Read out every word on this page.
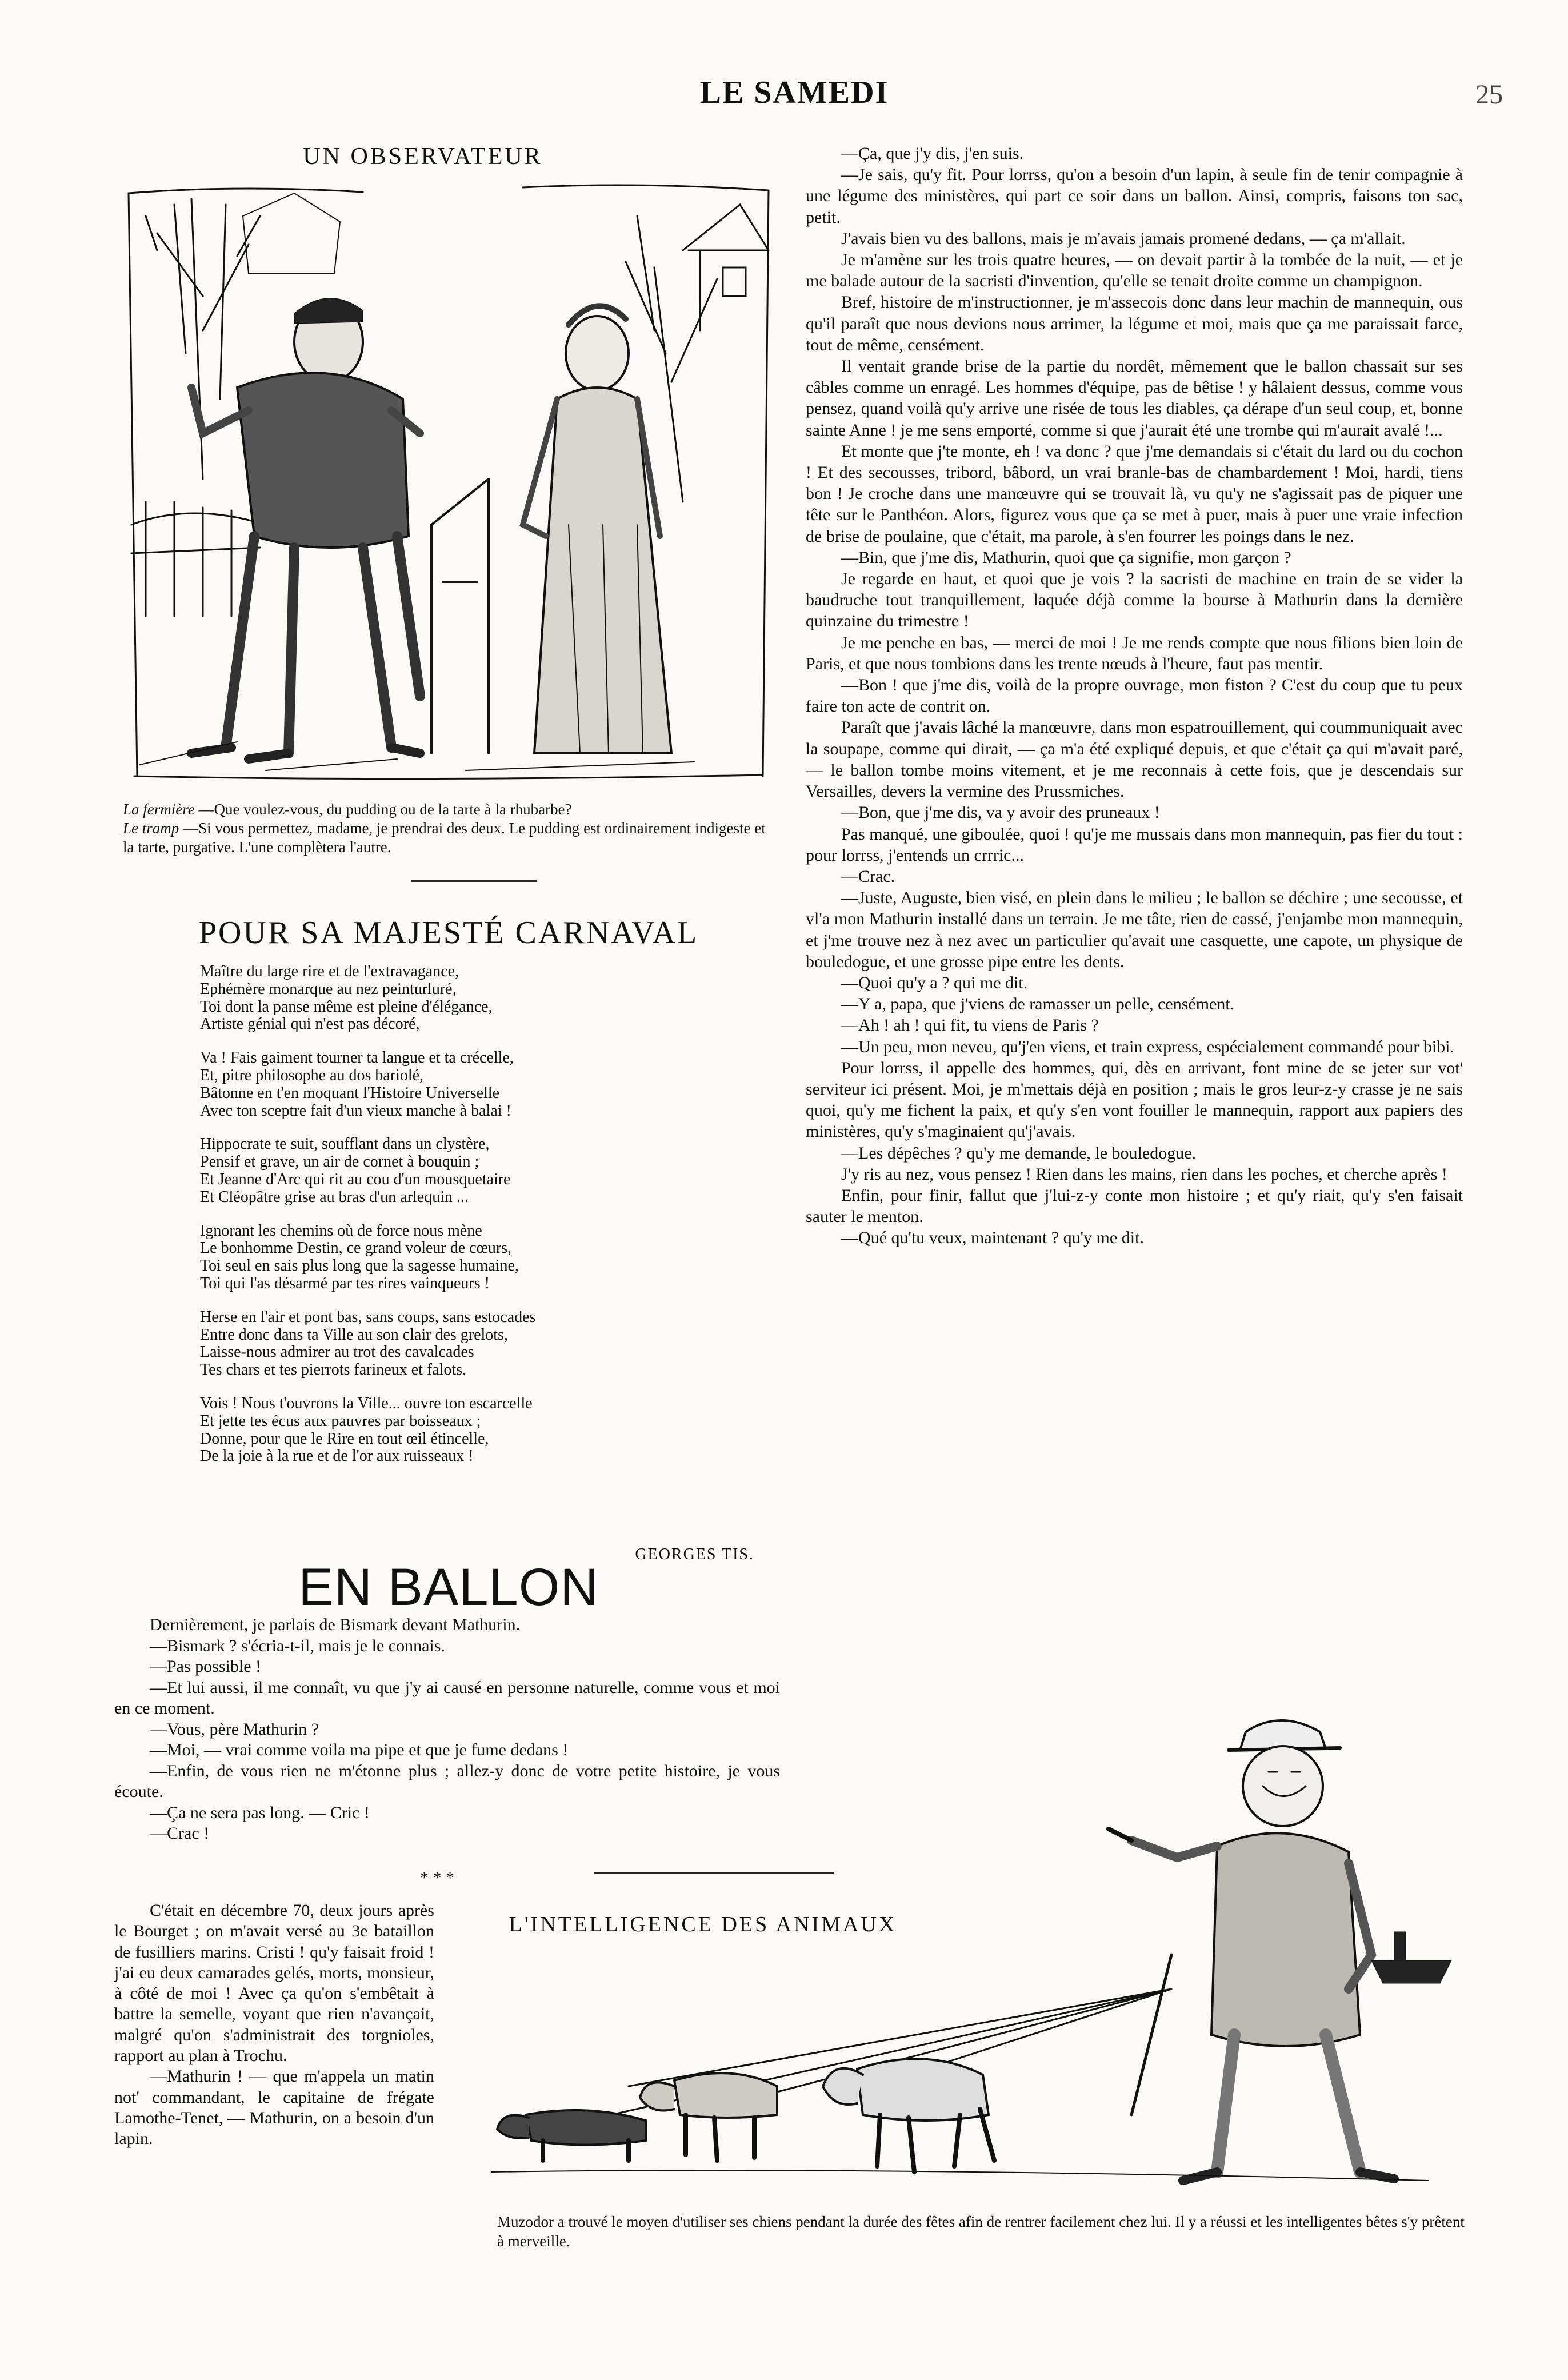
LE SAMEDI	25
UN OBSERVATEUR

La fermière —Que voulez-vous, du pudding ou de la tarte à la rhubarbe?

Le tramp —Si vous permettez, madame, je prendrai des deux. Le pudding est ordinairement indigeste et la tarte, purgative. L'une complètera l'autre.

POUR SA MAJESTÉ CARNAVAL
Maître du large rire et de l'extravagance,
Ephémère monarque au nez peinturluré,
Toi dont la panse même est pleine d'élégance,
Artiste génial qui n'est pas décoré,
Va ! Fais gaiment tourner ta langue et ta crécelle,
Et, pitre philosophe au dos bariolé,
Bâtonne en t'en moquant l'Histoire Universelle
Avec ton sceptre fait d'un vieux manche à balai !
Hippocrate te suit, soufflant dans un clystère,
Pensif et grave, un air de cornet à bouquin ;
Et Jeanne d'Arc qui rit au cou d'un mousquetaire
Et Cléopâtre grise au bras d'un arlequin ...
Ignorant les chemins où de force nous mène
Le bonhomme Destin, ce grand voleur de cœurs,
Toi seul en sais plus long que la sagesse humaine,
Toi qui l'as désarmé par tes rires vainqueurs !
Herse en l'air et pont bas, sans coups, sans estocades
Entre donc dans ta Ville au son clair des grelots,
Laisse-nous admirer au trot des cavalcades
Tes chars et tes pierrots farineux et falots.
Vois ! Nous t'ouvrons la Ville... ouvre ton escarcelle
Et jette tes écus aux pauvres par boisseaux ;
Donne, pour que le Rire en tout œil étincelle,
De la joie à la rue et de l'or aux ruisseaux !
GEORGES TIS.
EN BALLON

Dernièrement, je parlais de Bismark devant Mathurin.

—Bismark ? s'écria-t-il, mais je le connais.

—Pas possible !

—Et lui aussi, il me connaît, vu que j'y ai causé en personne naturelle, comme vous et moi en ce moment.

—Vous, père Mathurin ?

—Moi, — vrai comme voila ma pipe et que je fume dedans !

—Enfin, de vous rien ne m'étonne plus ; allez-y donc de votre petite histoire, je vous écoute.

—Ça ne sera pas long. — Cric !

—Crac !

* * *

C'était en décembre 70, deux jours après le Bourget ; on m'avait versé au 3e bataillon de fusilliers marins. Cristi ! qu'y faisait froid ! j'ai eu deux camarades gelés, morts, monsieur, à côté de moi ! Avec ça qu'on s'embêtait à battre la semelle, voyant que rien n'avançait, malgré qu'on s'administrait des torgnioles, rapport au plan à Trochu.

—Mathurin ! — que m'appela un matin not' commandant, le capitaine de frégate Lamothe-Tenet, — Mathurin, on a besoin d'un lapin.

—Ça, que j'y dis, j'en suis.

—Je sais, qu'y fit. Pour lorrss, qu'on a besoin d'un lapin, à seule fin de tenir compagnie à une légume des ministères, qui part ce soir dans un ballon. Ainsi, compris, faisons ton sac, petit.

J'avais bien vu des ballons, mais je m'avais jamais promené dedans, — ça m'allait.

Je m'amène sur les trois quatre heures, — on devait partir à la tombée de la nuit, — et je me balade autour de la sacristi d'invention, qu'elle se tenait droite comme un champignon.

Bref, histoire de m'instructionner, je m'assecois donc dans leur machin de mannequin, ous qu'il paraît que nous devions nous arrimer, la légume et moi, mais que ça me paraissait farce, tout de même, censément.

Il ventait grande brise de la partie du nordêt, mêmement que le ballon chassait sur ses câbles comme un enragé. Les hommes d'équipe, pas de bêtise ! y hâlaient dessus, comme vous pensez, quand voilà qu'y arrive une risée de tous les diables, ça dérape d'un seul coup, et, bonne sainte Anne ! je me sens emporté, comme si que j'aurait été une trombe qui m'aurait avalé !...

Et monte que j'te monte, eh ! va donc ? que j'me demandais si c'était du lard ou du cochon ! Et des secousses, tribord, bâbord, un vrai branle-bas de chambardement ! Moi, hardi, tiens bon ! Je croche dans une manœuvre qui se trouvait là, vu qu'y ne s'agissait pas de piquer une tête sur le Panthéon. Alors, figurez vous que ça se met à puer, mais à puer une vraie infection de brise de poulaine, que c'était, ma parole, à s'en fourrer les poings dans le nez.

—Bin, que j'me dis, Mathurin, quoi que ça signifie, mon garçon ?

Je regarde en haut, et quoi que je vois ? la sacristi de machine en train de se vider la baudruche tout tranquillement, laquée déjà comme la bourse à Mathurin dans la dernière quinzaine du trimestre !

Je me penche en bas, — merci de moi ! Je me rends compte que nous filions bien loin de Paris, et que nous tombions dans les trente nœuds à l'heure, faut pas mentir.

—Bon ! que j'me dis, voilà de la propre ouvrage, mon fiston ? C'est du coup que tu peux faire ton acte de contrit on.

Paraît que j'avais lâché la manœuvre, dans mon espatrouillement, qui coummuniquait avec la soupape, comme qui dirait, — ça m'a été expliqué depuis, et que c'était ça qui m'avait paré, — le ballon tombe moins vitement, et je me reconnais à cette fois, que je descendais sur Versailles, devers la vermine des Prussmiches.

—Bon, que j'me dis, va y avoir des pruneaux !

Pas manqué, une giboulée, quoi ! qu'je me mussais dans mon mannequin, pas fier du tout : pour lorrss, j'entends un crrric...

—Crac.

—Juste, Auguste, bien visé, en plein dans le milieu ; le ballon se déchire ; une secousse, et vl'a mon Mathurin installé dans un terrain. Je me tâte, rien de cassé, j'enjambe mon mannequin, et j'me trouve nez à nez avec un particulier qu'avait une casquette, une capote, un physique de bouledogue, et une grosse pipe entre les dents.

—Quoi qu'y a ? qui me dit.

—Y a, papa, que j'viens de ramasser un pelle, censément.

—Ah ! ah ! qui fit, tu viens de Paris ?

—Un peu, mon neveu, qu'j'en viens, et train express, espécialement commandé pour bibi.

Pour lorrss, il appelle des hommes, qui, dès en arrivant, font mine de se jeter sur vot' serviteur ici présent. Moi, je m'mettais déjà en position ; mais le gros leur-z-y crasse je ne sais quoi, qu'y me fichent la paix, et qu'y s'en vont fouiller le mannequin, rapport aux papiers des ministères, qu'y s'maginaient qu'j'avais.

—Les dépêches ? qu'y me demande, le bouledogue.

J'y ris au nez, vous pensez ! Rien dans les mains, rien dans les poches, et cherche après !

Enfin, pour finir, fallut que j'lui-z-y conte mon histoire ; et qu'y riait, qu'y s'en faisait sauter le menton.

—Qué qu'tu veux, maintenant ? qu'y me dit.

L'INTELLIGENCE DES ANIMAUX

Muzodor a trouvé le moyen d'utiliser ses chiens pendant la durée des fêtes afin de rentrer facilement chez lui. Il y a réussi et les intelligentes bêtes s'y prêtent à merveille.
